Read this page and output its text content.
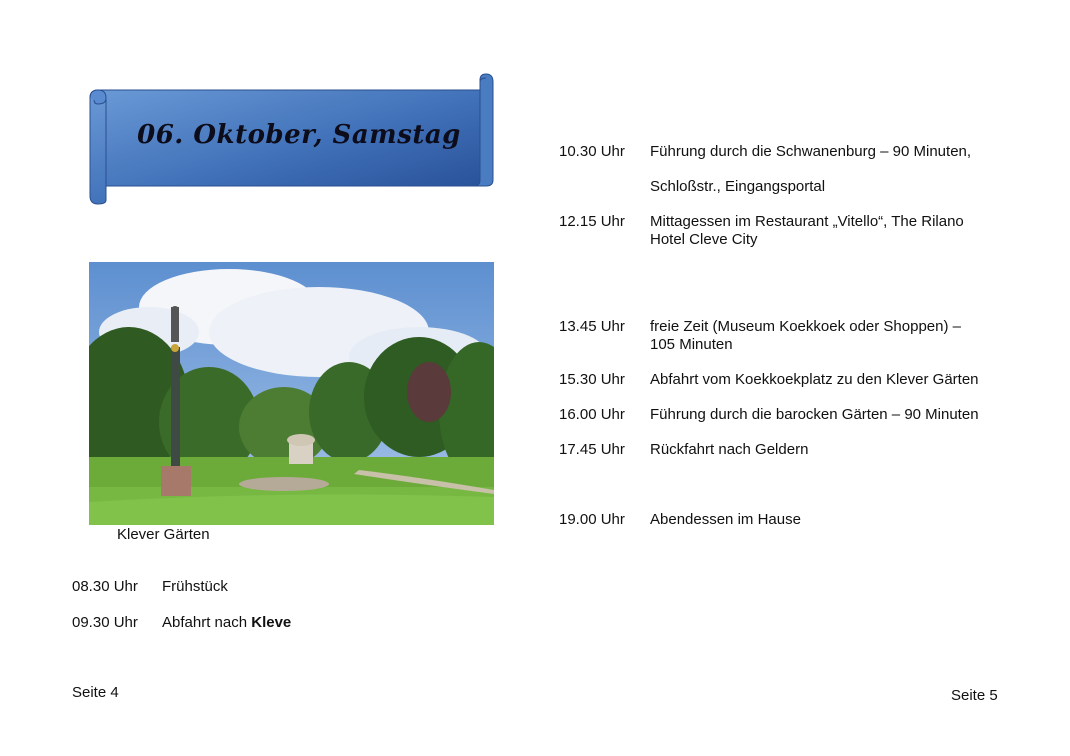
06. Oktober, Samstag
Klever Gärten
08.30 Uhr Frühstück
09.30 Uhr Abfahrt nach Kleve
10.30 Uhr Führung durch die Schwanenburg – 90 Minuten,
Schloßstr., Eingangsportal
12.15 Uhr Mittagessen im Restaurant „Vitello“, The Rilano
Hotel Cleve City
13.45 Uhr freie Zeit (Museum Koekkoek oder Shoppen) –
105 Minuten
15.30 Uhr Abfahrt vom Koekkoekplatz zu den Klever Gärten
16.00 Uhr Führung durch die barocken Gärten – 90 Minuten
17.45 Uhr Rückfahrt nach Geldern
19.00 Uhr Abendessen im Hause
Seite 4	Seite 5
